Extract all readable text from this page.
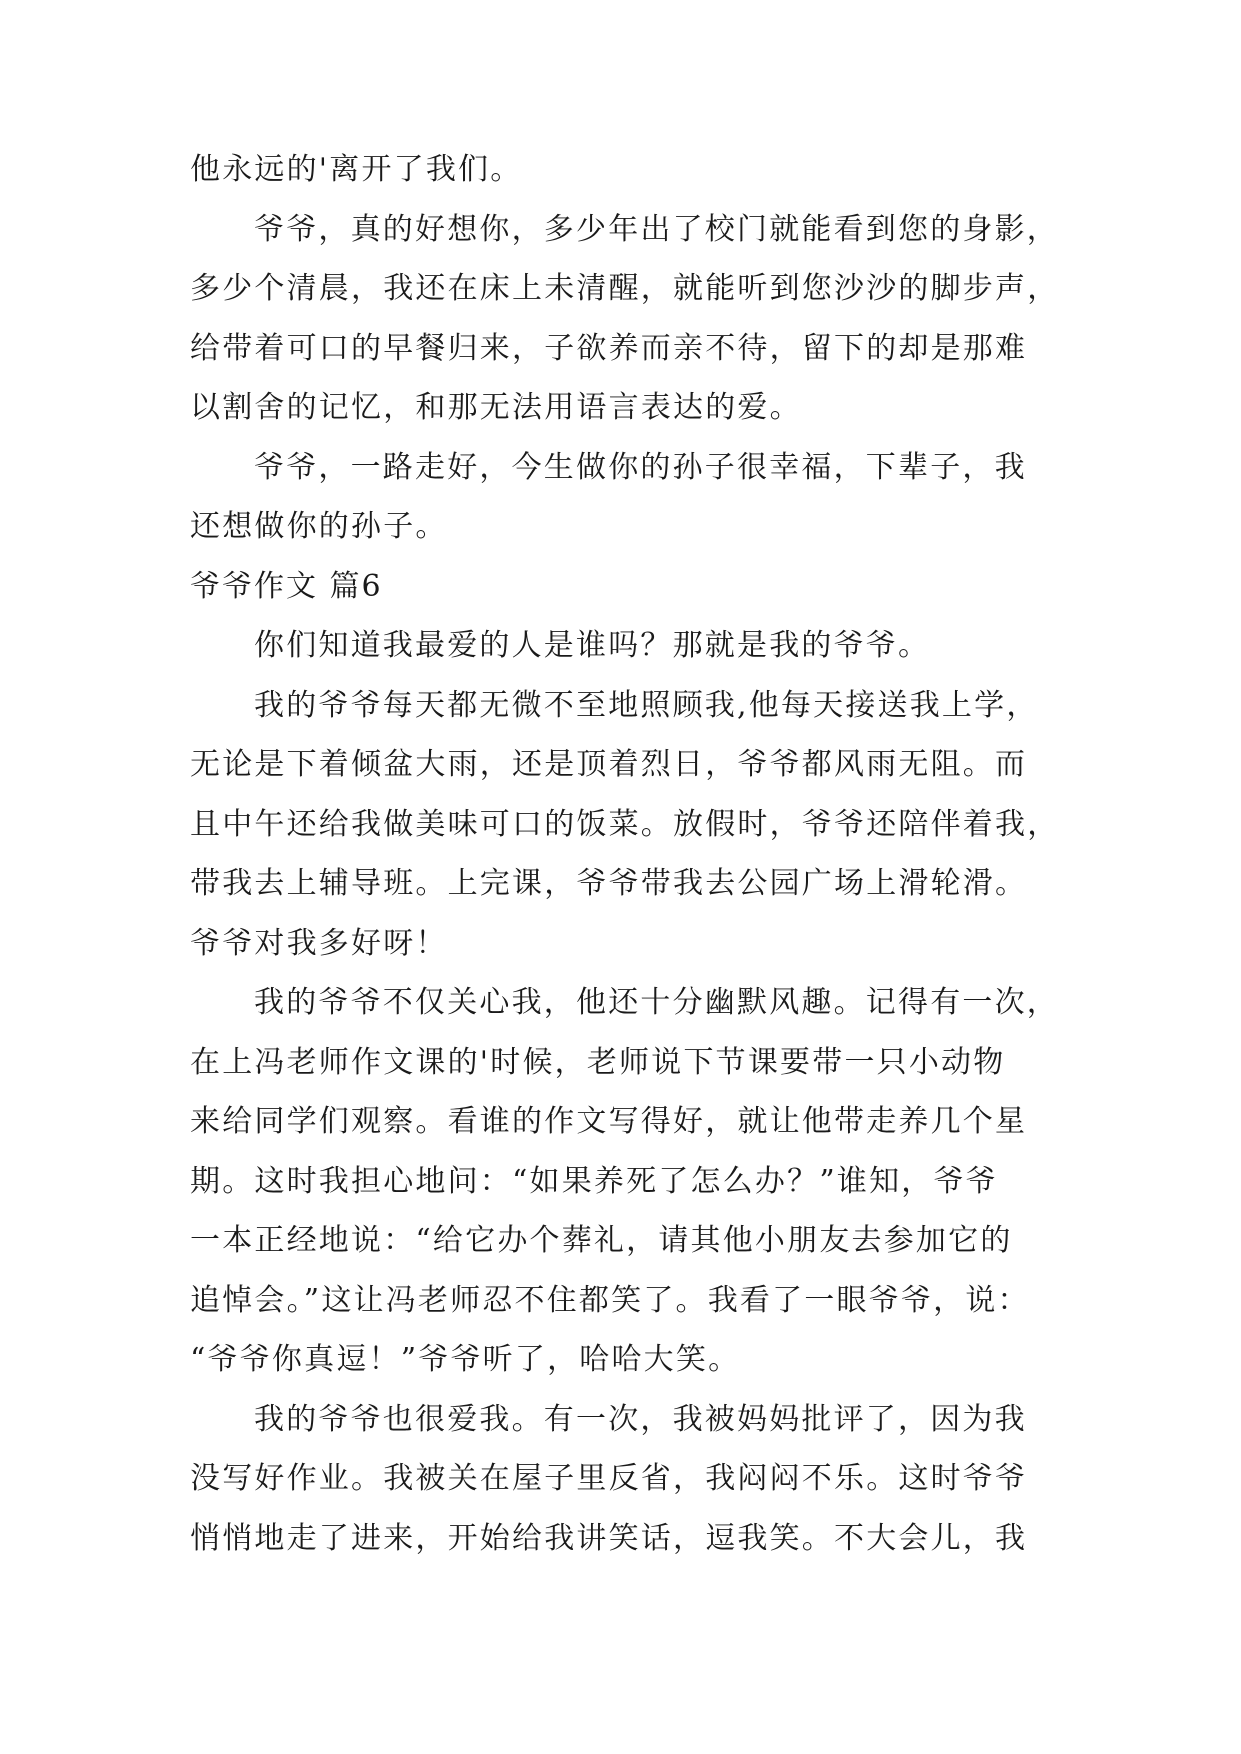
他永远的'离开了我们。
爷爷，真的好想你，多少年出了校门就能看到您的身影，
多少个清晨，我还在床上未清醒，就能听到您沙沙的脚步声，
给带着可口的早餐归来，子欲养而亲不待，留下的却是那难
以割舍的记忆，和那无法用语言表达的爱。
爷爷，一路走好，今生做你的孙子很幸福，下辈子，我
还想做你的孙子。
爷爷作文 篇6
你们知道我最爱的人是谁吗？那就是我的爷爷。
我的爷爷每天都无微不至地照顾我,他每天接送我上学，
无论是下着倾盆大雨，还是顶着烈日，爷爷都风雨无阻。而
且中午还给我做美味可口的饭菜。放假时，爷爷还陪伴着我，
带我去上辅导班。上完课，爷爷带我去公园广场上滑轮滑。
爷爷对我多好呀！
我的爷爷不仅关心我，他还十分幽默风趣。记得有一次，
在上冯老师作文课的'时候，老师说下节课要带一只小动物
来给同学们观察。看谁的作文写得好，就让他带走养几个星
期。这时我担心地问：“如果养死了怎么办？”谁知，爷爷
一本正经地说：“给它办个葬礼，请其他小朋友去参加它的
追悼会。”这让冯老师忍不住都笑了。我看了一眼爷爷，说：
“爷爷你真逗！”爷爷听了，哈哈大笑。
我的爷爷也很爱我。有一次，我被妈妈批评了，因为我
没写好作业。我被关在屋子里反省，我闷闷不乐。这时爷爷
悄悄地走了进来，开始给我讲笑话，逗我笑。不大会儿，我
